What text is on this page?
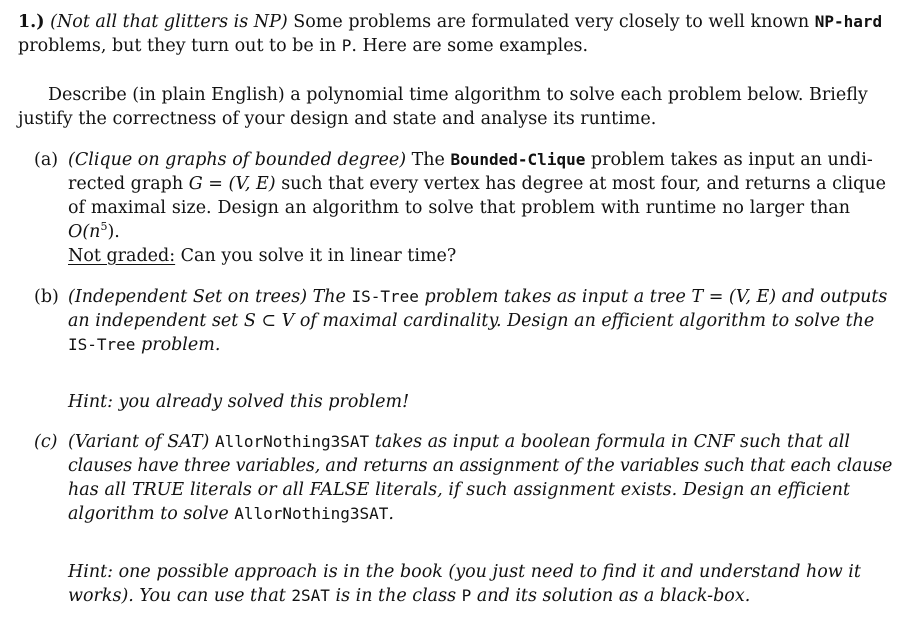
1.) (Not all that glitters is NP) Some problems are formulated very closely to well known NP-hard
problems, but they turn out to be in P. Here are some examples.
Describe (in plain English) a polynomial time algorithm to solve each problem below. Briefly
justify the correctness of your design and state and analyse its runtime.
(a) (Clique on graphs of bounded degree) The Bounded-Clique problem takes as input an undi-
rected graph G = (V, E) such that every vertex has degree at most four, and returns a clique
of maximal size. Design an algorithm to solve that problem with runtime no larger than
$O(n^5)$.
Not graded: Can you solve it in linear time?
(b) (Independent Set on trees) The IS-Tree problem takes as input a tree T = (V, E) and outputs
an independent set S ⊂ V of maximal cardinality. Design an efficient algorithm to solve the
IS-Tree problem.
Hint: you already solved this problem!
(c) (Variant of SAT) AllorNothing3SAT takes as input a boolean formula in CNF such that all
clauses have three variables, and returns an assignment of the variables such that each clause
has all TRUE literals or all FALSE literals, if such assignment exists. Design an efficient
algorithm to solve AllorNothing3SAT.
Hint: one possible approach is in the book (you just need to find it and understand how it
works). You can use that 2SAT is in the class P and its solution as a black-box.
